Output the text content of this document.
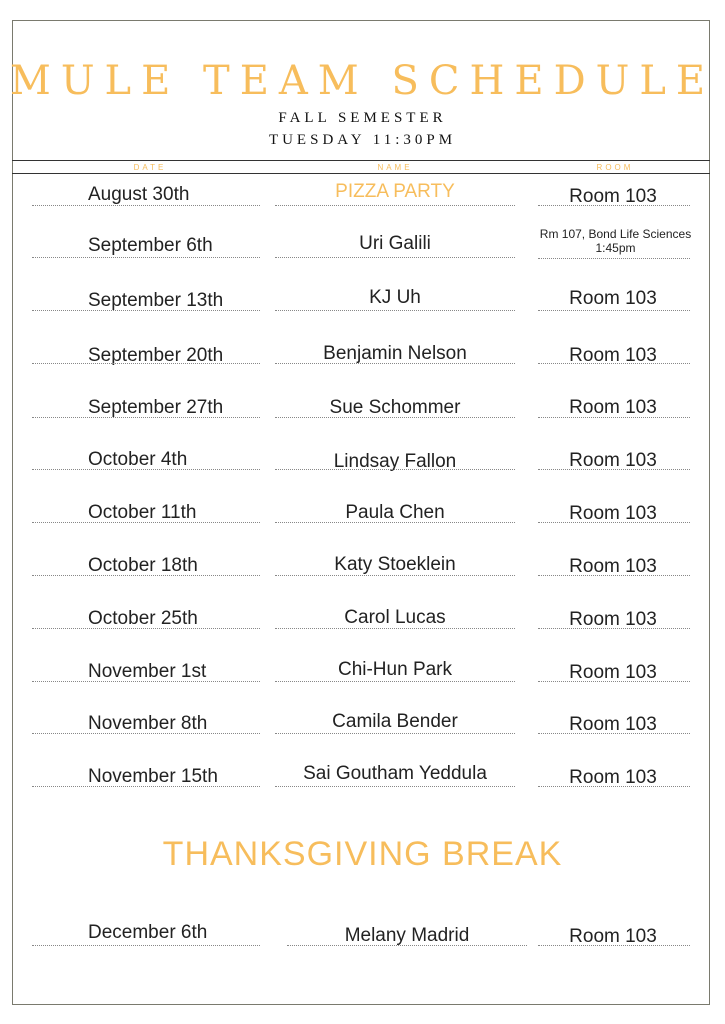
MULE TEAM SCHEDULE
FALL SEMESTER
TUESDAY 11:30PM
DATE	NAME	ROOM
August 30th	PIZZA PARTY	Room 103
September 6th	Uri Galili	Rm 107, Bond Life Sciences
1:45pm
September 13th	KJ Uh	Room 103
September 20th	Benjamin Nelson	Room 103
September 27th	Sue Schommer	Room 103
October 4th	Lindsay Fallon	Room 103
October 11th	Paula Chen	Room 103
October 18th	Katy Stoeklein	Room 103
October 25th	Carol Lucas	Room 103
November 1st	Chi-Hun Park	Room 103
November 8th	Camila Bender	Room 103
November 15th	Sai Goutham Yeddula	Room 103
THANKSGIVING BREAK
December 6th	Melany Madrid	Room 103
